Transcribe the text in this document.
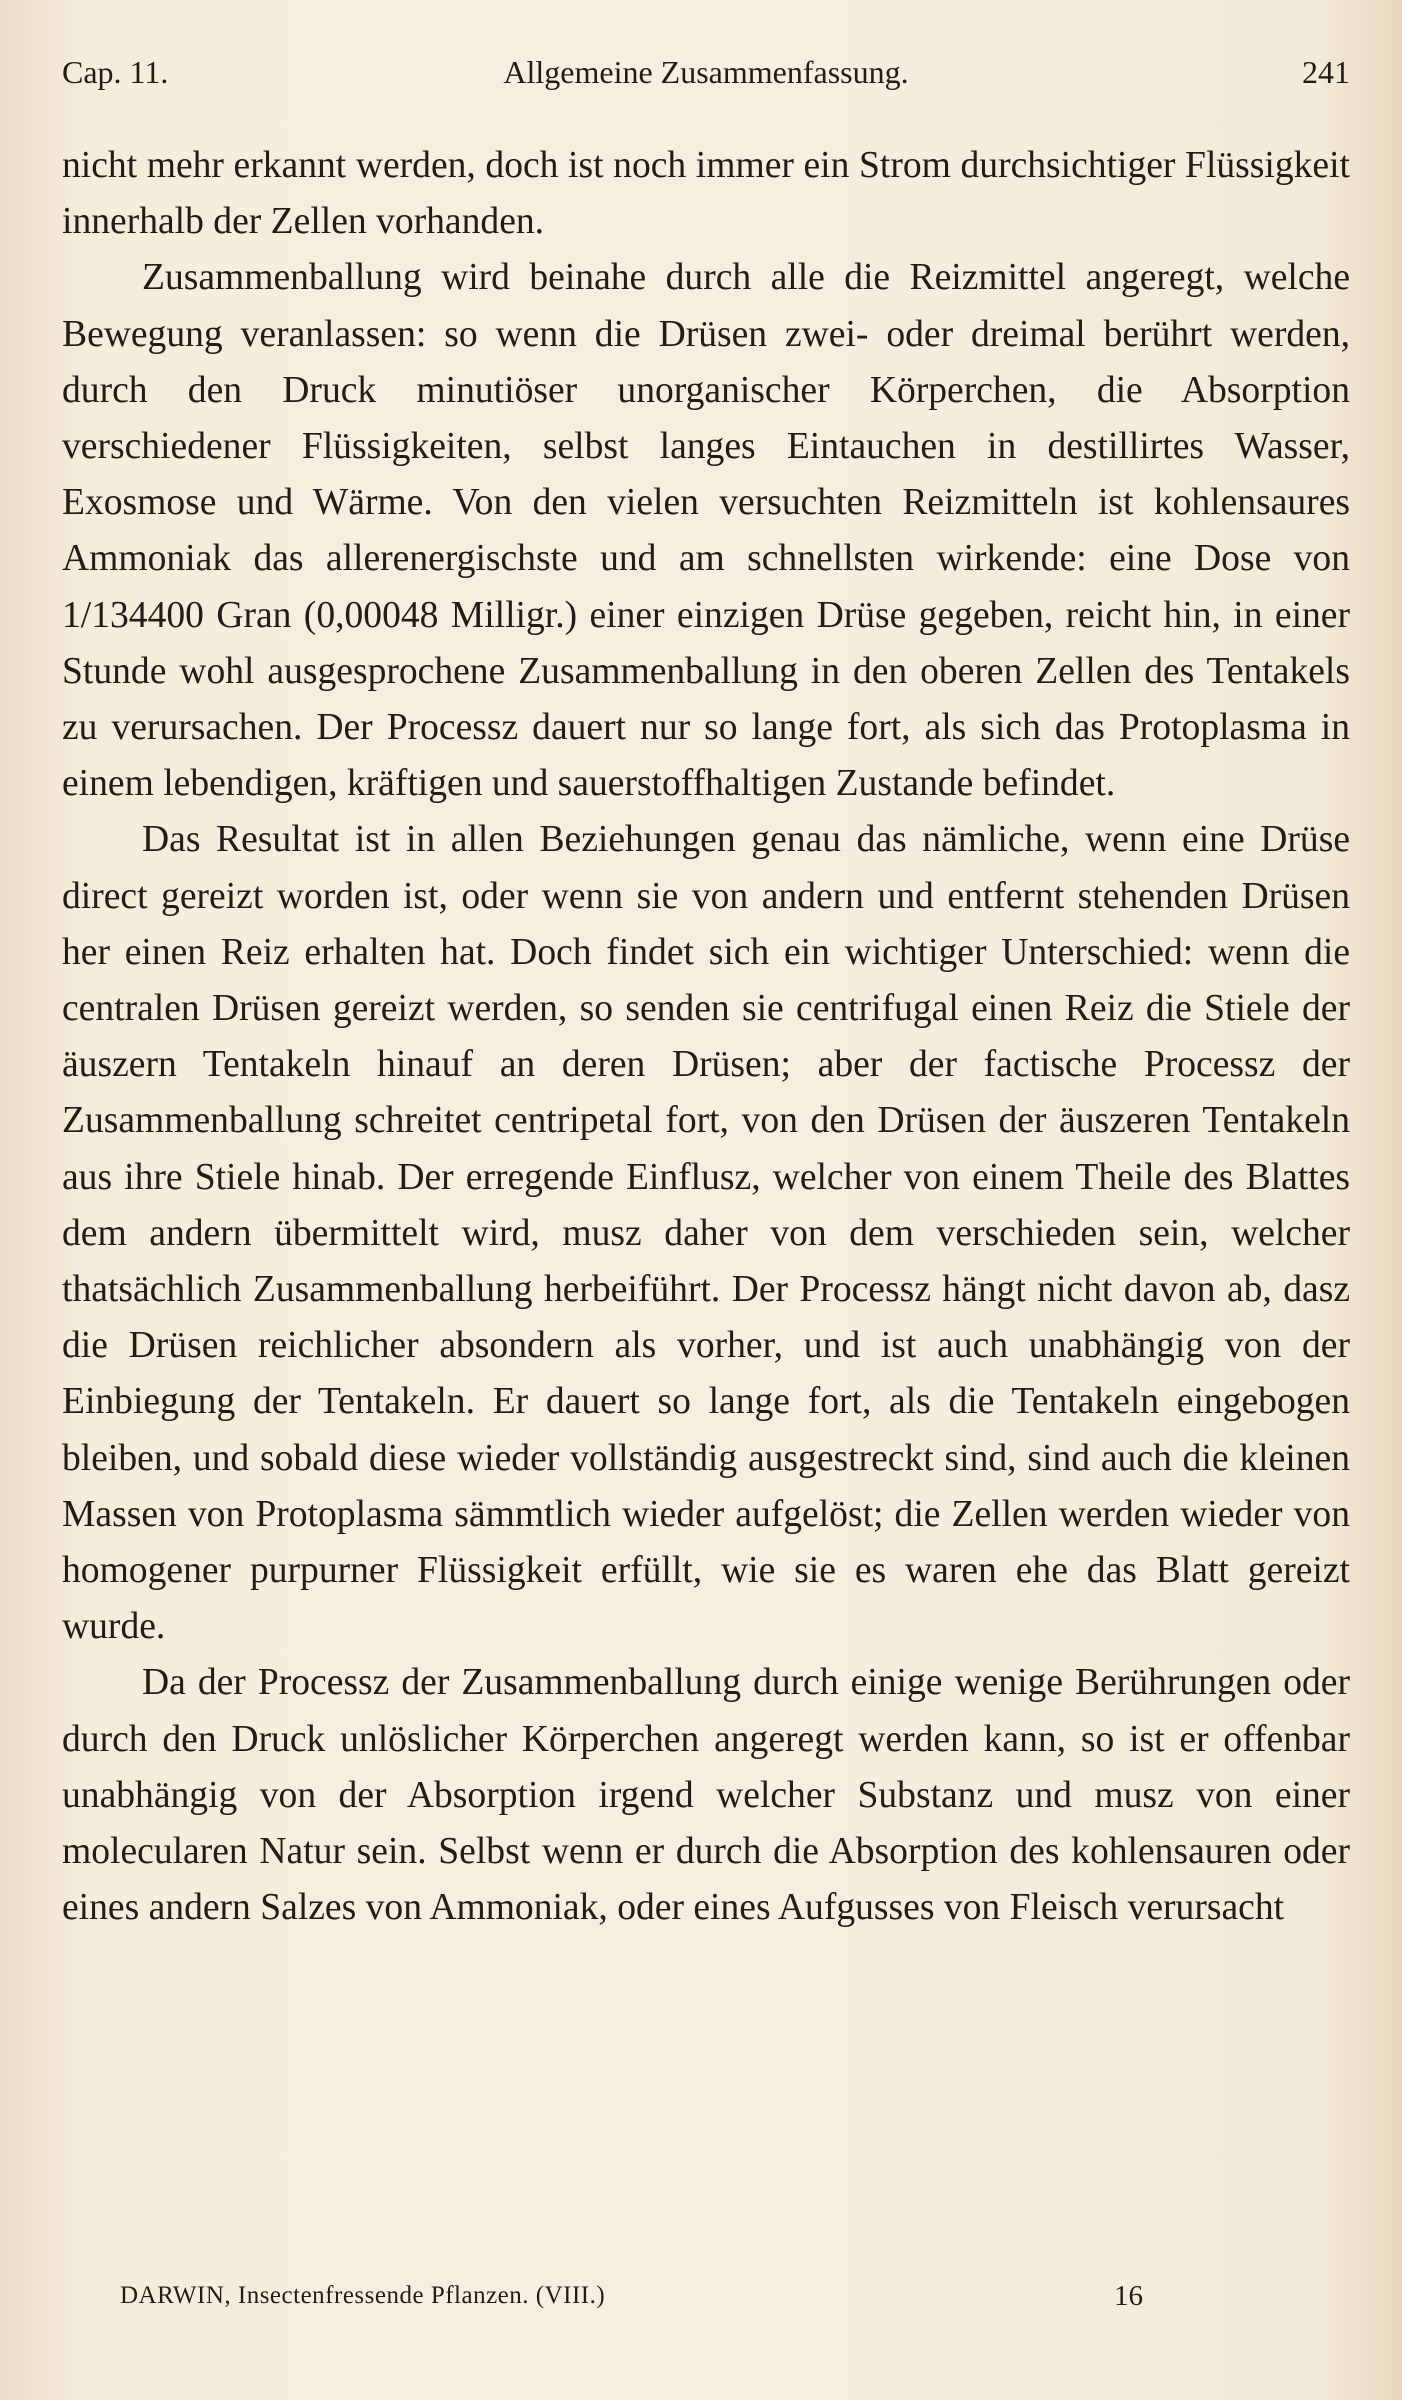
Cap. 11.	Allgemeine Zusammenfassung.	241

nicht mehr erkannt werden, doch ist noch immer ein Strom durchsichtiger Flüssigkeit innerhalb der Zellen vorhanden.

Zusammenballung wird beinahe durch alle die Reizmittel angeregt, welche Bewegung veranlassen: so wenn die Drüsen zwei- oder dreimal berührt werden, durch den Druck minutiöser unorganischer Körperchen, die Absorption verschiedener Flüssigkeiten, selbst langes Eintauchen in destillirtes Wasser, Exosmose und Wärme. Von den vielen versuchten Reizmitteln ist kohlensaures Ammoniak das allerenergischste und am schnellsten wirkende: eine Dose von 1/134400 Gran (0,00048 Milligr.) einer einzigen Drüse gegeben, reicht hin, in einer Stunde wohl ausgesprochene Zusammenballung in den oberen Zellen des Tentakels zu verursachen. Der Processz dauert nur so lange fort, als sich das Protoplasma in einem lebendigen, kräftigen und sauerstoffhaltigen Zustande befindet.

Das Resultat ist in allen Beziehungen genau das nämliche, wenn eine Drüse direct gereizt worden ist, oder wenn sie von andern und entfernt stehenden Drüsen her einen Reiz erhalten hat. Doch findet sich ein wichtiger Unterschied: wenn die centralen Drüsen gereizt werden, so senden sie centrifugal einen Reiz die Stiele der äuszern Tentakeln hinauf an deren Drüsen; aber der factische Processz der Zusammenballung schreitet centripetal fort, von den Drüsen der äuszeren Tentakeln aus ihre Stiele hinab. Der erregende Einflusz, welcher von einem Theile des Blattes dem andern übermittelt wird, musz daher von dem verschieden sein, welcher thatsächlich Zusammenballung herbeiführt. Der Processz hängt nicht davon ab, dasz die Drüsen reichlicher absondern als vorher, und ist auch unabhängig von der Einbiegung der Tentakeln. Er dauert so lange fort, als die Tentakeln eingebogen bleiben, und sobald diese wieder vollständig ausgestreckt sind, sind auch die kleinen Massen von Protoplasma sämmtlich wieder aufgelöst; die Zellen werden wieder von homogener purpurner Flüssigkeit erfüllt, wie sie es waren ehe das Blatt gereizt wurde.

Da der Processz der Zusammenballung durch einige wenige Berührungen oder durch den Druck unlöslicher Körperchen angeregt werden kann, so ist er offenbar unabhängig von der Absorption irgend welcher Substanz und musz von einer molecularen Natur sein. Selbst wenn er durch die Absorption des kohlensauren oder eines andern Salzes von Ammoniak, oder eines Aufgusses von Fleisch verursacht

DARWIN, Insectenfressende Pflanzen. (VIII.)	16
